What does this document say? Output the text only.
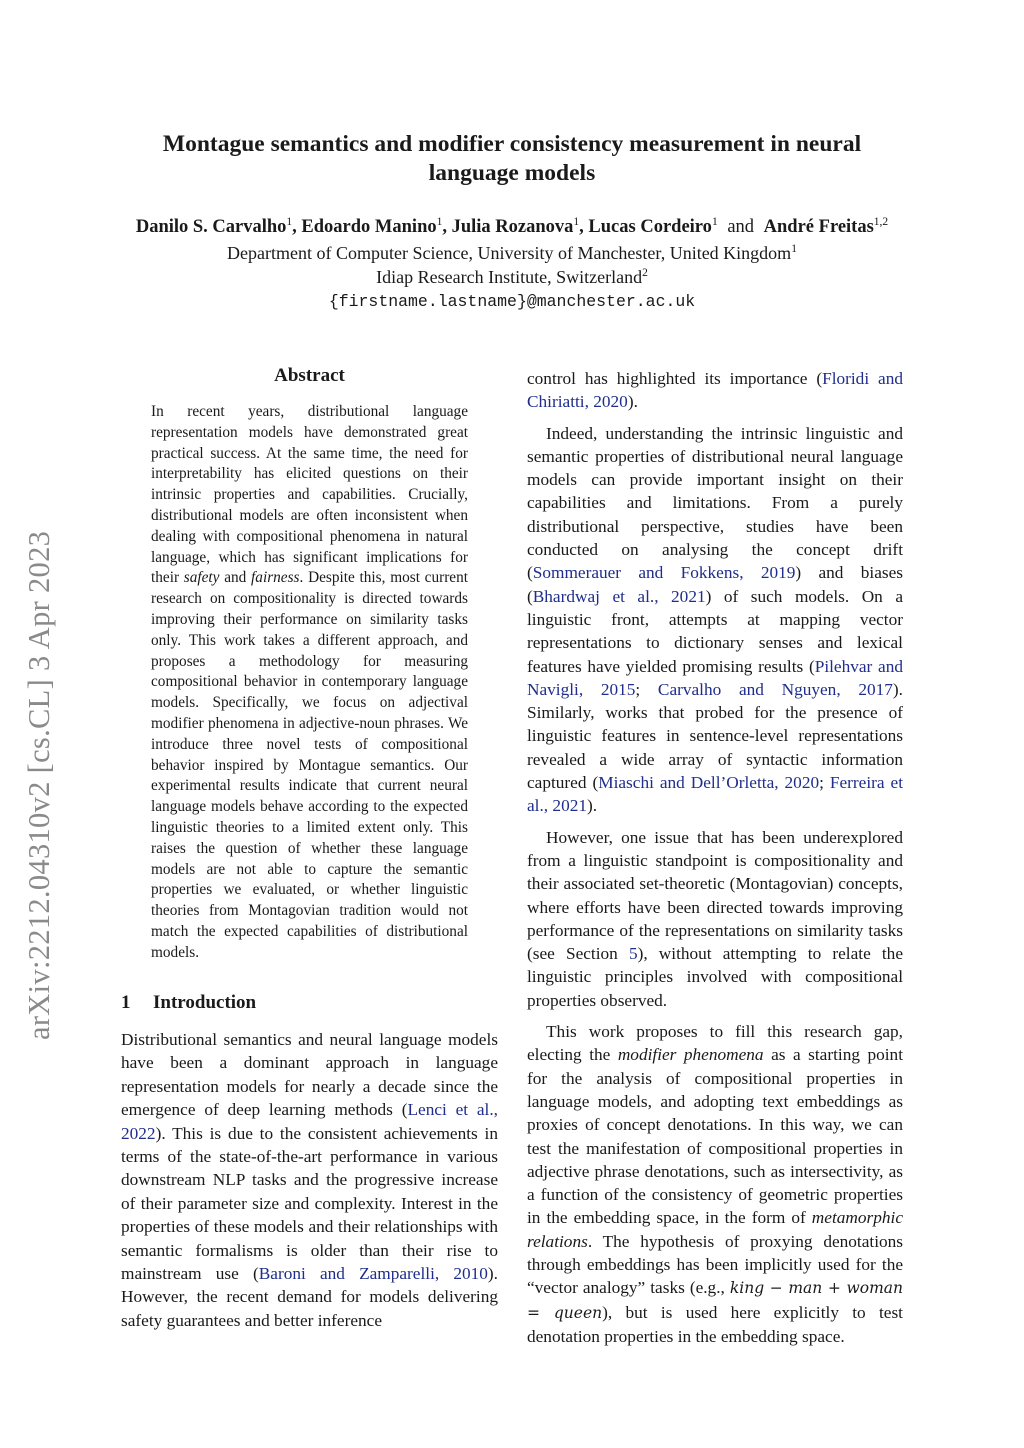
arXiv:2212.04310v2 [cs.CL] 3 Apr 2023
Montague semantics and modifier consistency measurement in neural
language models
Danilo S. Carvalho$^1$, Edoardo Manino$^1$, Julia Rozanova$^1$, Lucas Cordeiro$^1$ and André Freitas$^{1,2}$
Department of Computer Science, University of Manchester, United Kingdom$^1$
Idiap Research Institute, Switzerland$^2$
{firstname.lastname}@manchester.ac.uk
Abstract
In recent years, distributional language representation models have demonstrated great practical success. At the same time, the need for interpretability has elicited questions on their intrinsic properties and capabilities. Crucially, distributional models are often inconsistent when dealing with compositional phenomena in natural language, which has significant implications for their safety and fairness. Despite this, most current research on compositionality is directed towards improving their performance on similarity tasks only. This work takes a different approach, and proposes a methodology for measuring compositional behavior in contemporary language models. Specifically, we focus on adjectival modifier phenomena in adjective-noun phrases. We introduce three novel tests of compositional behavior inspired by Montague semantics. Our experimental results indicate that current neural language models behave according to the expected linguistic theories to a limited extent only. This raises the question of whether these language models are not able to capture the semantic properties we evaluated, or whether linguistic theories from Montagovian tradition would not match the expected capabilities of distributional models.
1 Introduction
Distributional semantics and neural language models have been a dominant approach in language representation models for nearly a decade since the emergence of deep learning methods (Lenci et al., 2022). This is due to the consistent achievements in terms of the state-of-the-art performance in various downstream NLP tasks and the progressive increase of their parameter size and complexity. Interest in the properties of these models and their relationships with semantic formalisms is older than their rise to mainstream use (Baroni and Zamparelli, 2010). However, the recent demand for models delivering safety guarantees and better inference

control has highlighted its importance (Floridi and Chiriatti, 2020).

Indeed, understanding the intrinsic linguistic and semantic properties of distributional neural language models can provide important insight on their capabilities and limitations. From a purely distributional perspective, studies have been conducted on analysing the concept drift (Sommerauer and Fokkens, 2019) and biases (Bhardwaj et al., 2021) of such models. On a linguistic front, attempts at mapping vector representations to dictionary senses and lexical features have yielded promising results (Pilehvar and Navigli, 2015; Carvalho and Nguyen, 2017). Similarly, works that probed for the presence of linguistic features in sentence-level representations revealed a wide array of syntactic information captured (Miaschi and Dell’Orletta, 2020; Ferreira et al., 2021).

However, one issue that has been underexplored from a linguistic standpoint is compositionality and their associated set-theoretic (Montagovian) concepts, where efforts have been directed towards improving performance of the representations on similarity tasks (see Section 5), without attempting to relate the linguistic principles involved with compositional properties observed.

This work proposes to fill this research gap, electing the modifier phenomena as a starting point for the analysis of compositional properties in language models, and adopting text embeddings as proxies of concept denotations. In this way, we can test the manifestation of compositional properties in adjective phrase denotations, such as intersectivity, as a function of the consistency of geometric properties in the embedding space, in the form of metamorphic relations. The hypothesis of proxying denotations through embeddings has been implicitly used for the “vector analogy” tasks (e.g., king − man + woman = queen), but is used here explicitly to test denotation properties in the embedding space.
